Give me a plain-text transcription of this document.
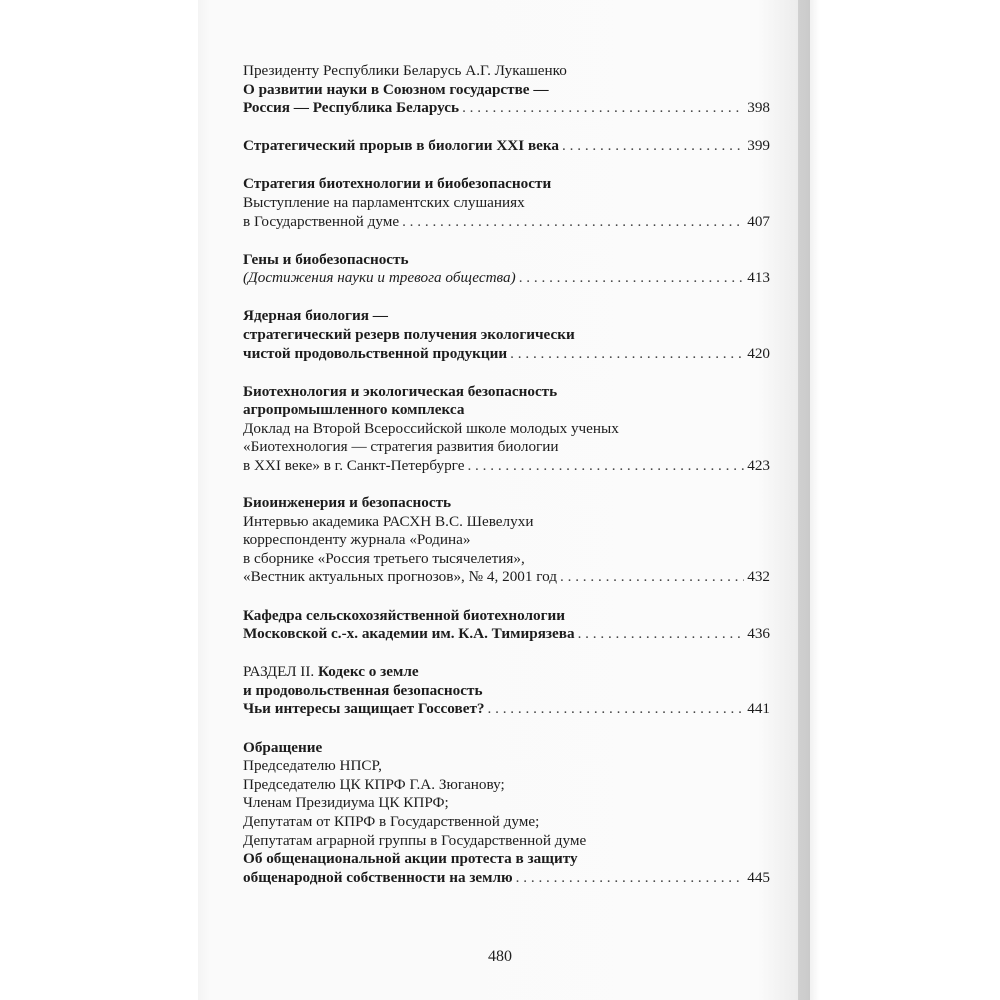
Президенту Республики Беларусь А.Г. Лукашенко
О развитии науки в Союзном государстве —
Россия — Республика Беларусь . . .	398
Стратегический прорыв в биологии XXI века . . .	399
Стратегия биотехнологии и биобезопасности
Выступление на парламентских слушаниях
в Государственной думе . . .	407
Гены и биобезопасность
(Достижения науки и тревога общества) . . .	413
Ядерная биология —
стратегический резерв получения экологически
чистой продовольственной продукции . . .	420
Биотехнология и экологическая безопасность
агропромышленного комплекса
Доклад на Второй Всероссийской школе молодых ученых
«Биотехнология — стратегия развития биологии
в XXI веке» в г. Санкт-Петербурге . . .	423
Биоинженерия и безопасность
Интервью академика РАСХН В.С. Шевелухи
корреспонденту журнала «Родина»
в сборнике «Россия третьего тысячелетия»,
«Вестник актуальных прогнозов», № 4, 2001 год . . .	432
Кафедра сельскохозяйственной биотехнологии
Московской с.-х. академии им. К.А. Тимирязева . . .	436
РАЗДЕЛ II. Кодекс о земле
и продовольственная безопасность
Чьи интересы защищает Госсовет? . . .	441
Обращение
Председателю НПСР,
Председателю ЦК КПРФ Г.А. Зюганову;
Членам Президиума ЦК КПРФ;
Депутатам от КПРФ в Государственной думе;
Депутатам аграрной группы в Государственной думе
Об общенациональной акции протеста в защиту
общенародной собственности на землю . . .	445
480
